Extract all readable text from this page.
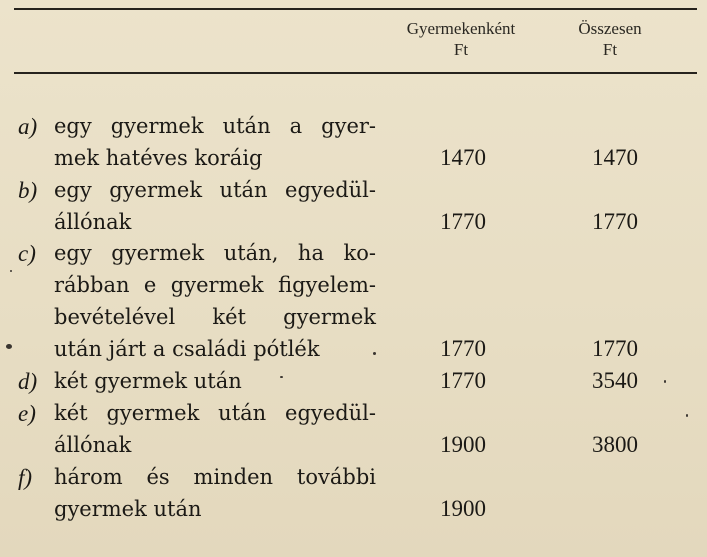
Gyermekenként
Ft
Összesen
Ft
a) egy gyermek után a gyer-
mek hatéves koráig	1470	1470
b) egy gyermek után egyedül-
állónak	1770	1770
c) egy gyermek után, ha ko-
rábban e gyermek figyelem-
bevételével két gyermek
után járt a családi pótlék	1770	1770
d) két gyermek után	1770	3540
e) két gyermek után egyedül-
állónak	1900	3800
f)	három és minden további
gyermek után	1900
